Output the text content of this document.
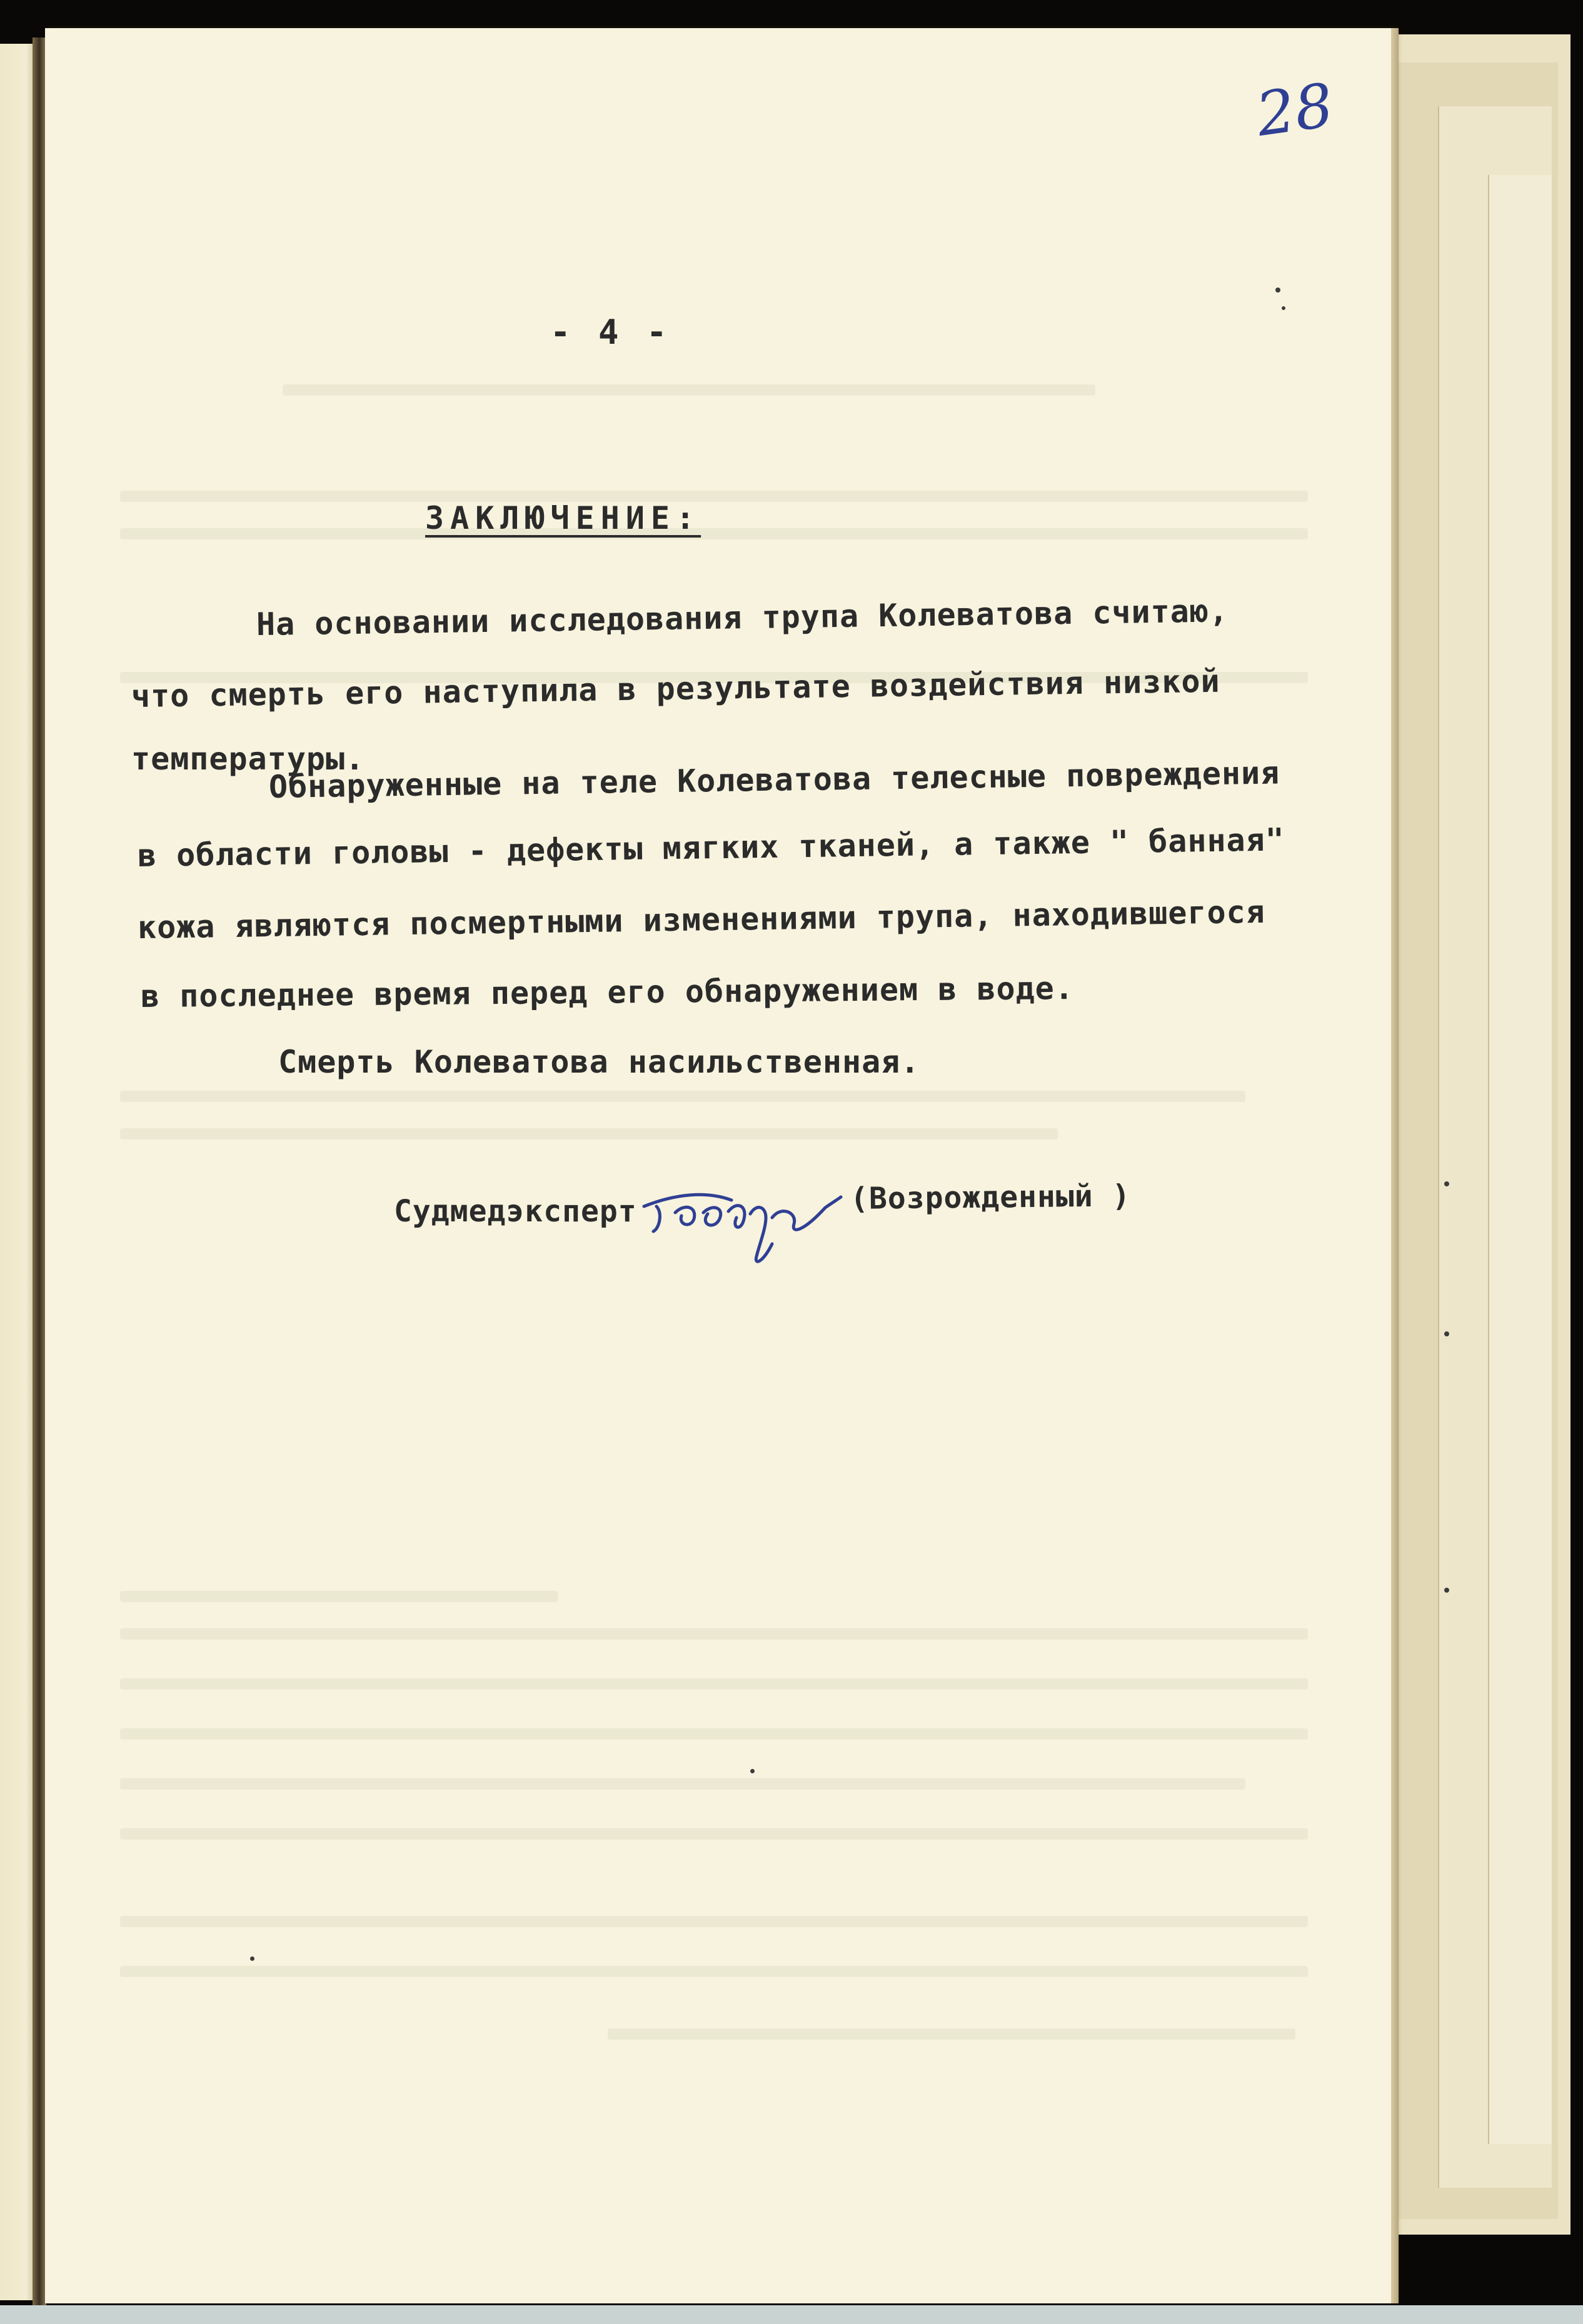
28
- 4 -
ЗАКЛЮЧЕНИЕ:
На основании исследования трупа Колеватова считаю,
что смерть его наступила в результате воздействия низкой
температуры.
Обнаруженные на теле Колеватова телесные повреждения
в области головы - дефекты мягких тканей, а также " банная"
кожа являются посмертными изменениями трупа, находившегося
в последнее время перед его обнаружением в воде.
Смерть Колеватова насильственная.
Судмедэксперт	(Возрожденный )
